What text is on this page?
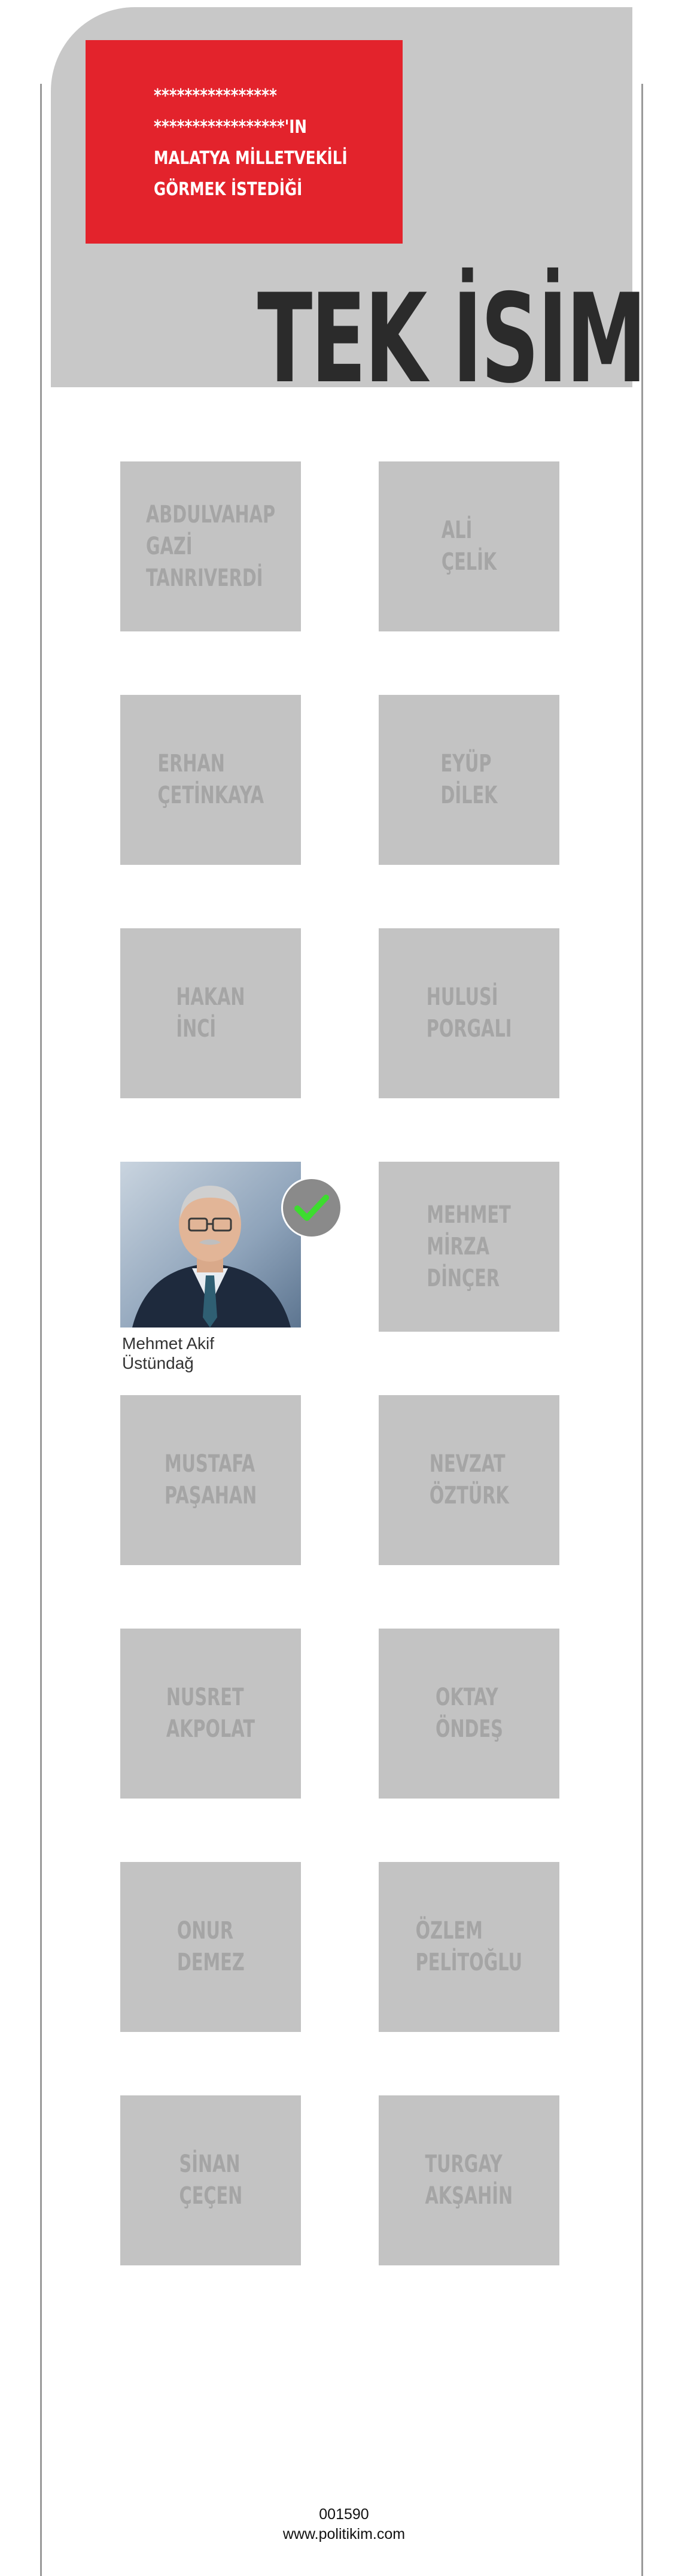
****************
*****************'IN
MALATYA MİLLETVEKİLİ
GÖRMEK İSTEDİĞİ
TEK İSİM
ABDULVAHAP
GAZİ
TANRIVERDİ
ALİ
ÇELİK
ERHAN
ÇETİNKAYA
EYÜP
DİLEK
HAKAN
İNCİ
HULUSİ
PORGALI
Mehmet Akif
Üstündağ
MEHMET
MİRZA
DİNÇER
MUSTAFA
PAŞAHAN
NEVZAT
ÖZTÜRK
NUSRET
AKPOLAT
OKTAY
ÖNDEŞ
ONUR
DEMEZ
ÖZLEM
PELİTOĞLU
SİNAN
ÇEÇEN
TURGAY
AKŞAHİN
001590
www.politikim.com
